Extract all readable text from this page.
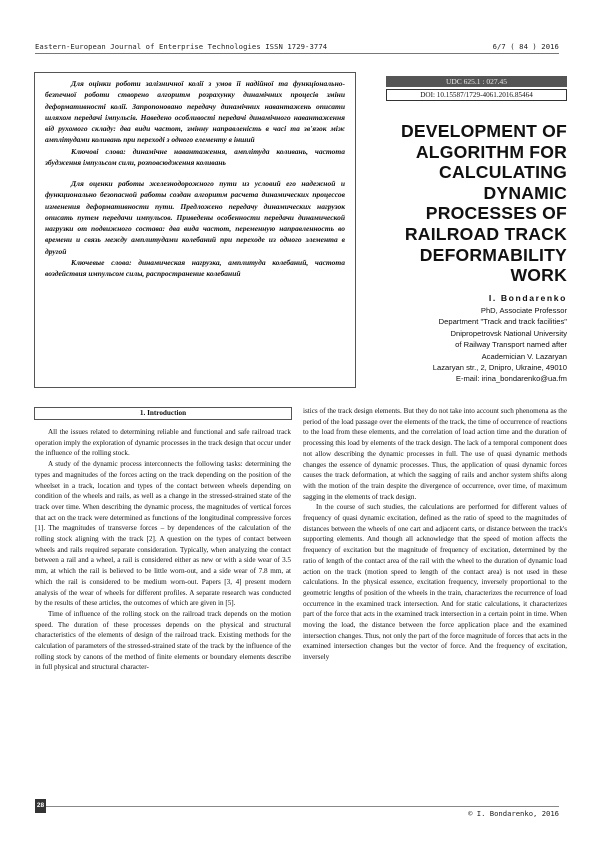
Eastern-European Journal of Enterprise Technologies ISSN 1729-3774	6/7 ( 84 ) 2016

Для оцінки роботи залізничної колії з умов її надійної та функціонально-безпечної роботи створено алгоритм розрахунку динамічних процесів зміни деформативності колії. Запропоновано передачу динамічних навантажень описати шляхом передачі імпульсів. Наведено особливості передачі динамічного навантаження від рухомого складу: два види частот, змінну направленість в часі та зв'язок між амплітудами коливань при переході з одного елементу в інший

Ключові слова: динамічне навантаження, амплітуда коливань, частота збудження імпульсом сили, розповсюдження коливань

Для оценки работы железнодорожного пути из условий его надежной и функционально безопасной работы создан алгоритм расчета динамических процессов изменения деформативности пути. Предложено передачу динамических нагрузок описать путем передачи импульсов. Приведены особенности передачи динамической нагрузки от подвижного состава: два вида частот, переменную направленность во времени и связь между амплитудами колебаний при переходе из одного элемента в другой

Ключевые слова: динамическая нагрузка, амплитуда колебаний, частота воздействия импульсом силы, распространение колебаний

UDC 625.1 : 027.45
DOI: 10.15587/1729-4061.2016.85464
DEVELOPMENT OF
ALGORITHM FOR
CALCULATING
DYNAMIC
PROCESSES OF
RAILROAD TRACK
DEFORMABILITY
WORK
I. Bondarenko
PhD, Associate Professor
Department "Track and track facilities"
Dnipropetrovsk National University
of Railway Transport named after
Academician V. Lazaryan
Lazaryan str., 2, Dnipro, Ukraine, 49010
E-mail: irina_bondarenko@ua.fm
1. Introduction

All the issues related to determining reliable and functional and safe railroad track operation imply the exploration of dynamic processes in the track design that occur under the influence of the rolling stock.

A study of the dynamic process interconnects the following tasks: determining the types and magnitudes of the forces acting on the track depending on the position of the wheelset in a track, location and types of the contact between wheels depending on condition of the wheels and rails, as well as a change in the stressed-strained state of the track over time. When describing the dynamic process, the magnitudes of vertical forces that act on the track were determined as functions of the longitudinal compressive forces [1]. The magnitudes of transverse forces – by dependences of the calculation of the rolling stock aligning with the track [2]. A question on the types of contact between wheels and rails required separate consideration. Typically, when analyzing the contact between a rail and a wheel, a rail is considered either as new or with a side wear of 3.5 mm, at which the rail is believed to be little worn-out, and a side wear of 7.8 mm, at which the rail is considered to be medium worn-out. Papers [3, 4] present modern analysis of the wear of wheels for different profiles. A separate research was conducted by the results of these articles, the outcomes of which are given in [5].

Time of influence of the rolling stock on the railroad track depends on the motion speed. The duration of these processes depends on the physical and structural characteristics of the elements of design of the railroad track. Existing methods for the calculation of parameters of the stressed-strained state of the track by the influence of the rolling stock by canons of the method of finite elements or boundary elements describe in full physical and structural character-

istics of the track design elements. But they do not take into account such phenomena as the period of the load passage over the elements of the track, the time of occurrence of reactions to the load from these elements, and the correlation of load action time and the duration of processing this load by elements of the track design. The lack of a temporal component does not allow describing the dynamic processes in full. The use of quasi dynamic methods changes the essence of dynamic processes. Thus, the application of quasi dynamic forces causes the track deformation, at which the sagging of rails and anchor system shifts along with the motion of the train despite the divergence of occurrence, over time, of maximum sagging in the elements of track design.

In the course of such studies, the calculations are performed for different values of frequency of quasi dynamic excitation, defined as the ratio of speed to the magnitudes of distances between the wheels of one cart and adjacent carts, or distance between the track's supporting elements. And though all acknowledge that the speed of motion affects the frequency of excitation but the magnitude of frequency of excitation, determined by the ratio of length of the contact area of the rail with the wheel to the duration of dynamic load action on the track (motion speed to length of the contact area) is not used in these calculations. In the physical essence, excitation frequency, inversely proportional to the geometric lengths of position of the wheels in the train, characterizes the recurrence of load occurrence in the examined track intersection. And for static calculations, it characterizes part of the force that acts in the examined track intersection in a certain point in time. When moving the load, the distance between the force application place and the examined intersection changes. Thus, not only the part of the force magnitude of forces that acts in the examined intersection changes but the vector of force. And the frequency of excitation, inversely

28
© I. Bondarenko, 2016
